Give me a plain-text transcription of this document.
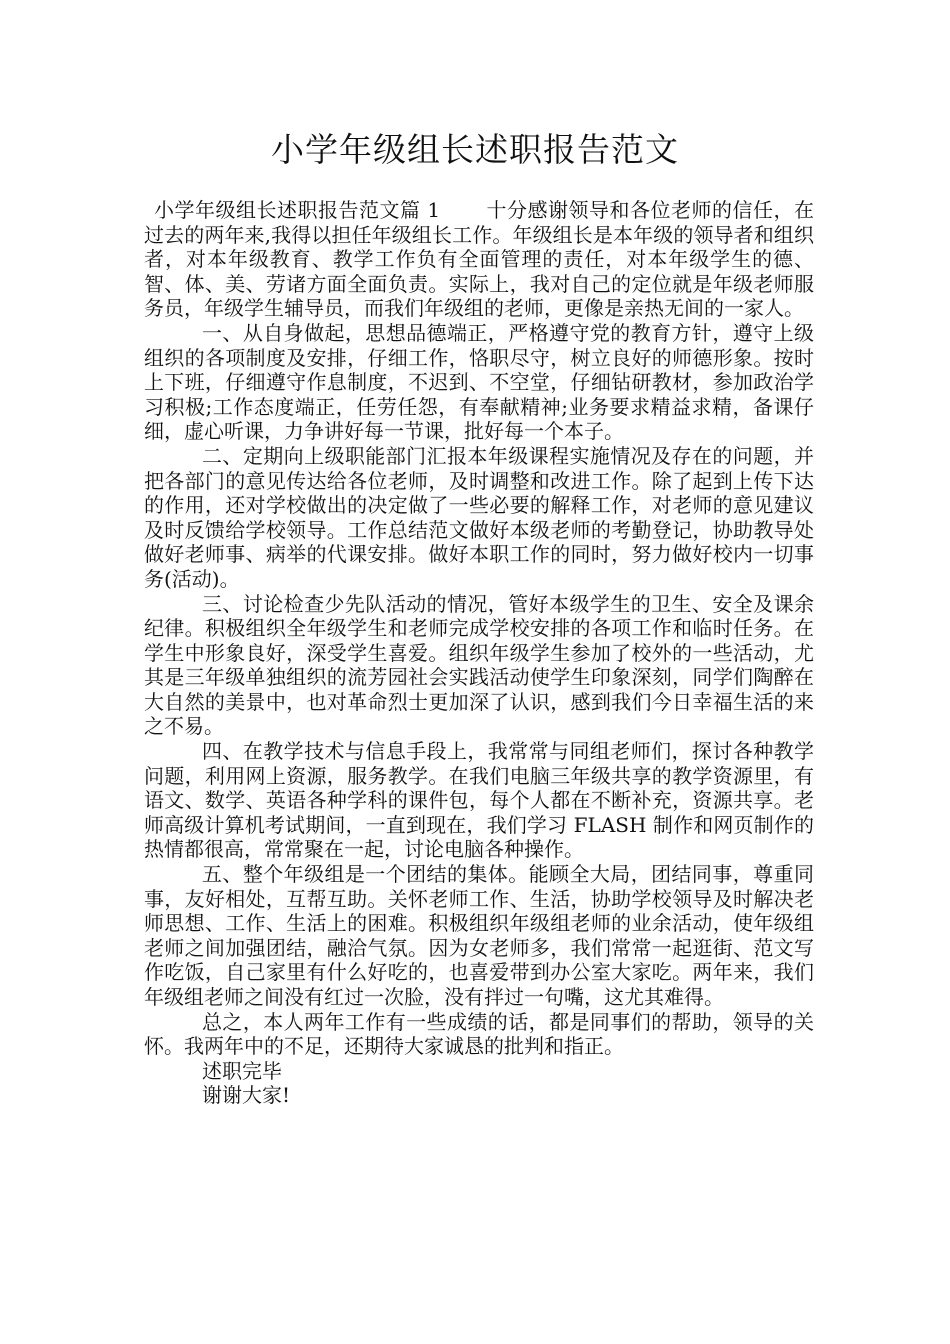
小学年级组长述职报告范文

小学年级组长述职报告范文篇 1 十分感谢领导和各位老师的信任，在过去的两年来,我得以担任年级组长工作。年级组长是本年级的领导者和组织者，对本年级教育、教学工作负有全面管理的责任，对本年级学生的德、智、体、美、劳诸方面全面负责。实际上，我对自己的定位就是年级老师服务员，年级学生辅导员，而我们年级组的老师，更像是亲热无间的一家人。

一、从自身做起，思想品德端正，严格遵守党的教育方针，遵守上级组织的各项制度及安排，仔细工作，恪职尽守，树立良好的师德形象。按时上下班，仔细遵守作息制度，不迟到、不空堂，仔细钻研教材，参加政治学习积极;工作态度端正，任劳任怨，有奉献精神;业务要求精益求精，备课仔细，虚心听课，力争讲好每一节课，批好每一个本子。

二、定期向上级职能部门汇报本年级课程实施情况及存在的问题，并把各部门的意见传达给各位老师，及时调整和改进工作。除了起到上传下达的作用，还对学校做出的决定做了一些必要的解释工作，对老师的意见建议及时反馈给学校领导。工作总结范文做好本级老师的考勤登记，协助教导处做好老师事、病举的代课安排。做好本职工作的同时，努力做好校内一切事务(活动)。

三、讨论检查少先队活动的情况，管好本级学生的卫生、安全及课余纪律。积极组织全年级学生和老师完成学校安排的各项工作和临时任务。在学生中形象良好，深受学生喜爱。组织年级学生参加了校外的一些活动，尤其是三年级单独组织的流芳园社会实践活动使学生印象深刻，同学们陶醉在大自然的美景中，也对革命烈士更加深了认识，感到我们今日幸福生活的来之不易。

四、在教学技术与信息手段上，我常常与同组老师们，探讨各种教学问题，利用网上资源，服务教学。在我们电脑三年级共享的教学资源里，有语文、数学、英语各种学科的课件包，每个人都在不断补充，资源共享。老师高级计算机考试期间，一直到现在，我们学习 FLASH 制作和网页制作的热情都很高，常常聚在一起，讨论电脑各种操作。

五、整个年级组是一个团结的集体。能顾全大局，团结同事，尊重同事，友好相处，互帮互助。关怀老师工作、生活，协助学校领导及时解决老师思想、工作、生活上的困难。积极组织年级组老师的业余活动，使年级组老师之间加强团结，融洽气氛。因为女老师多，我们常常一起逛街、范文写作吃饭，自己家里有什么好吃的，也喜爱带到办公室大家吃。两年来，我们年级组老师之间没有红过一次脸，没有拌过一句嘴，这尤其难得。

总之，本人两年工作有一些成绩的话，都是同事们的帮助，领导的关怀。我两年中的不足，还期待大家诚恳的批判和指正。

述职完毕

谢谢大家!
